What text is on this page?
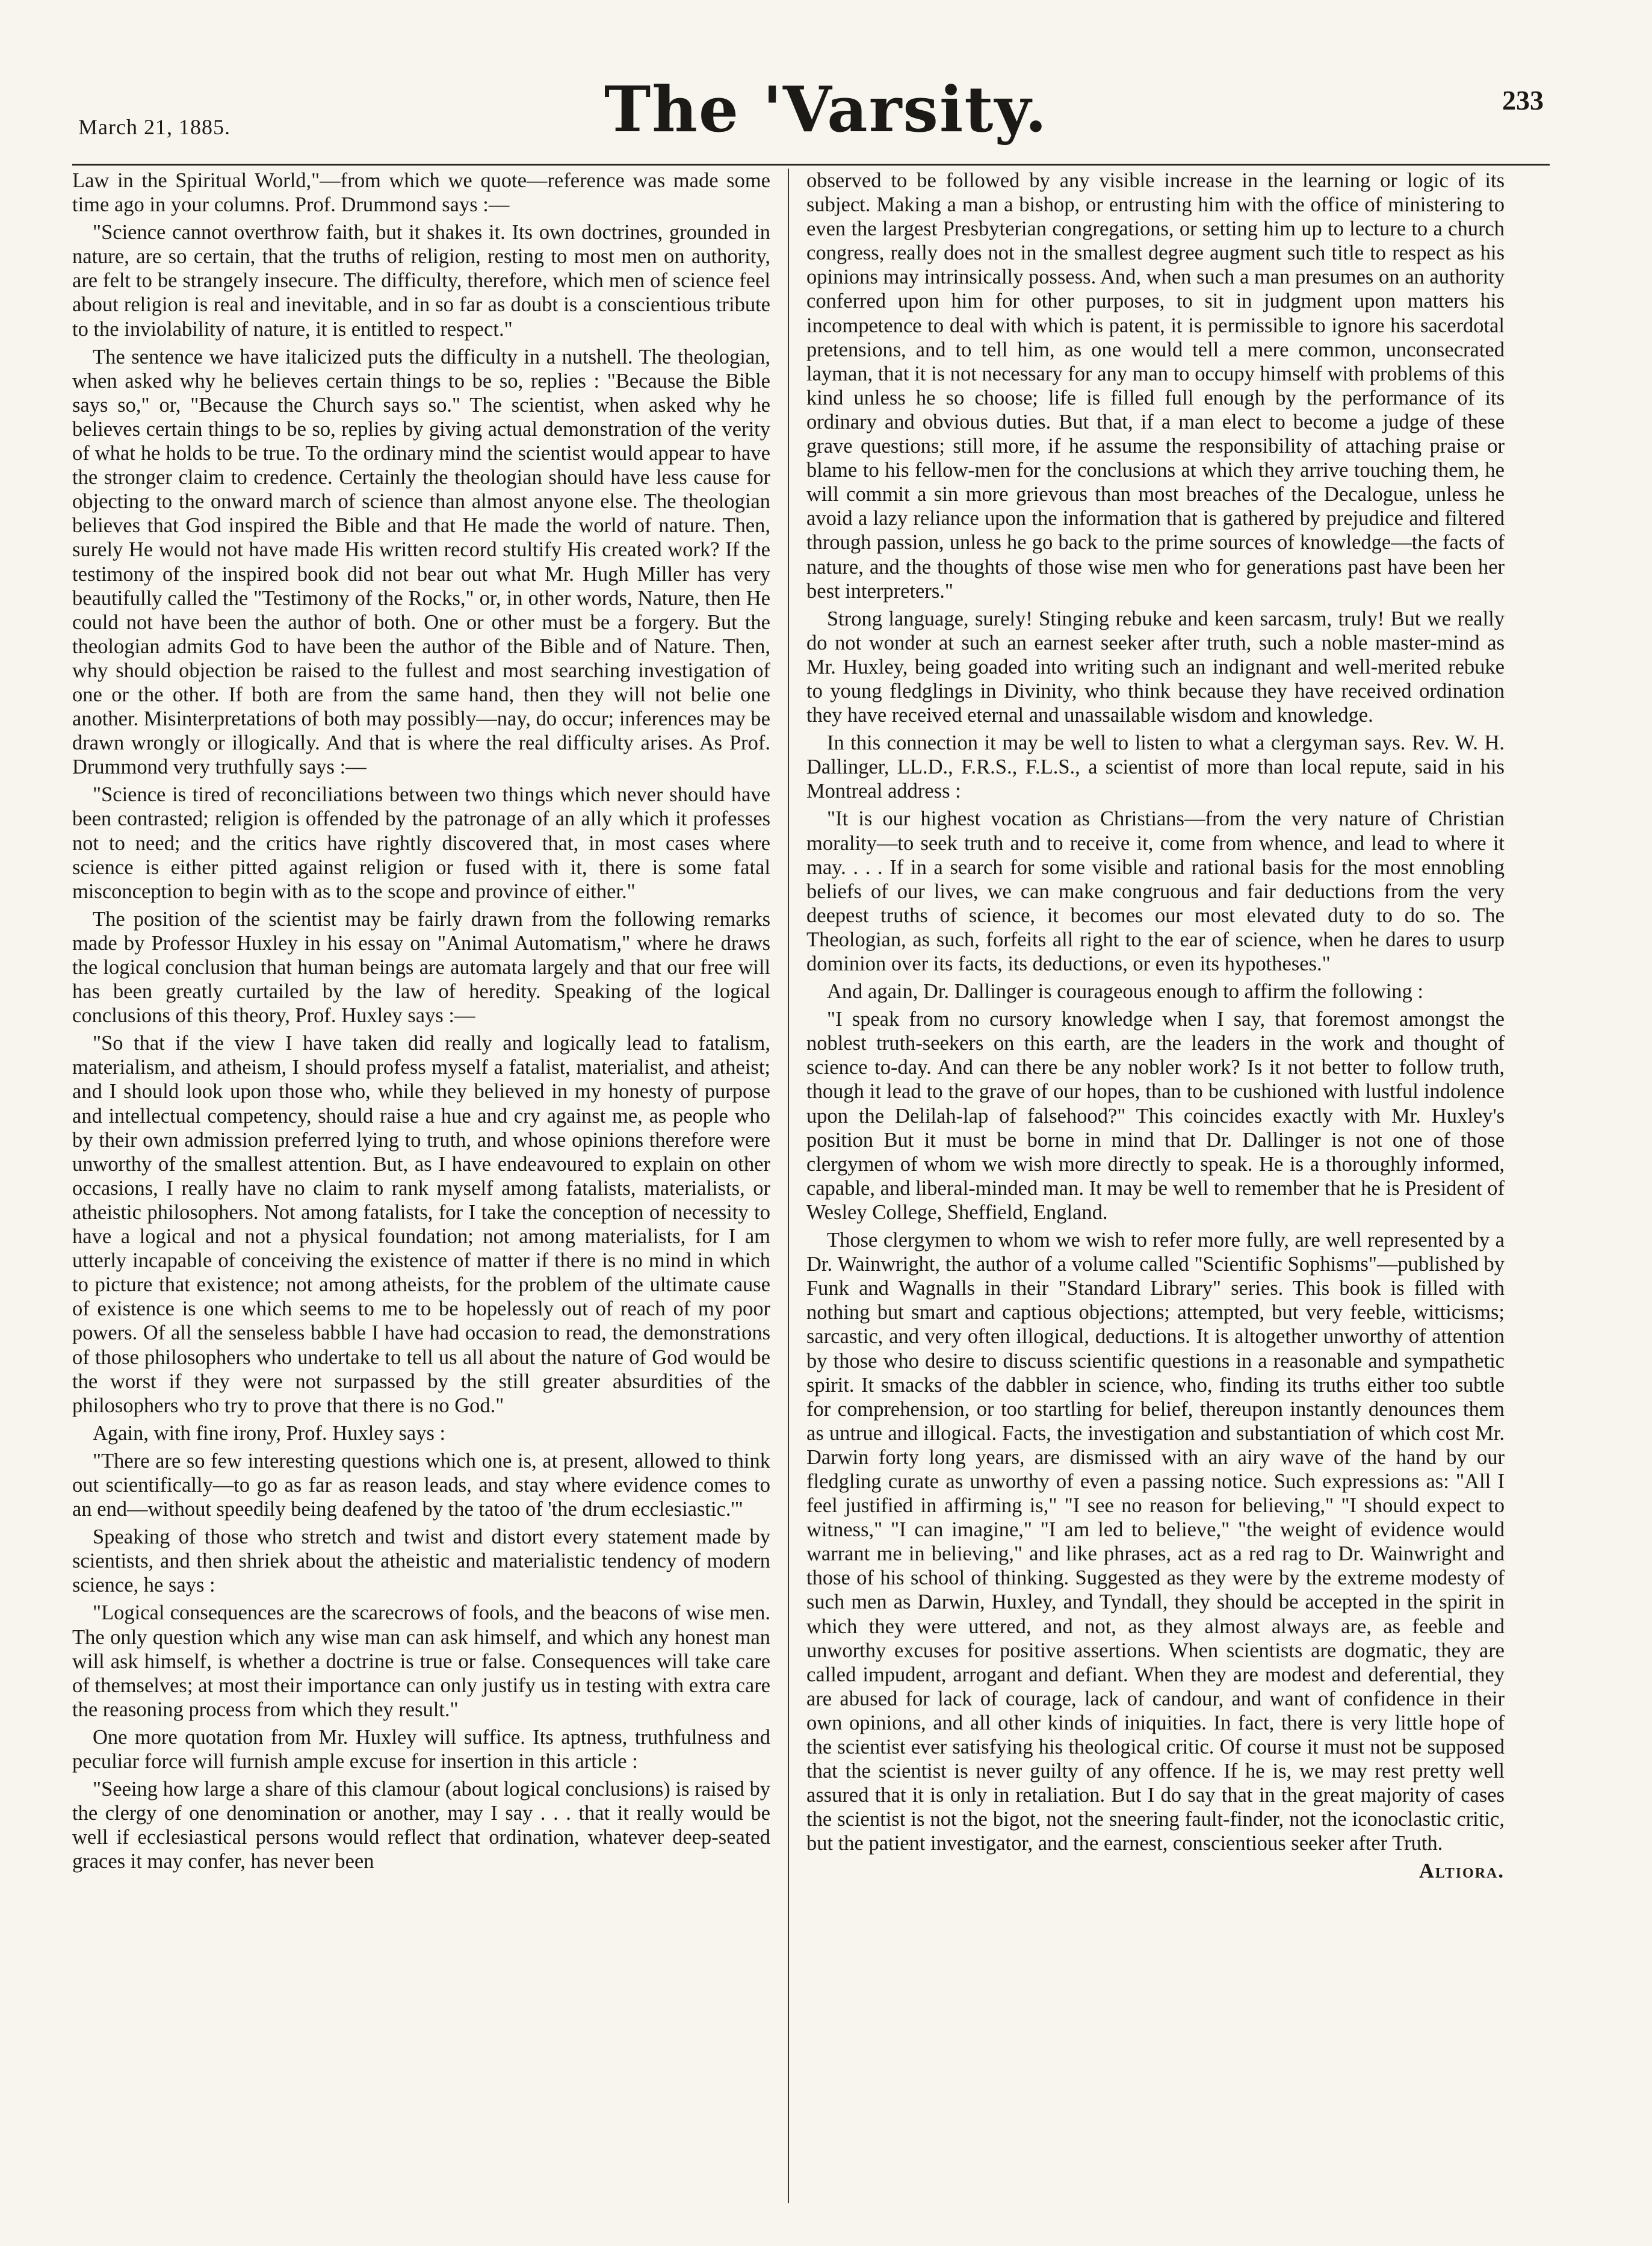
March 21, 1885.	The 'Varsity.	233

Law in the Spiritual World,"—from which we quote—reference was made some time ago in your columns. Prof. Drummond says :—

"Science cannot overthrow faith, but it shakes it. Its own doctrines, grounded in nature, are so certain, that the truths of religion, resting to most men on authority, are felt to be strangely insecure. The difficulty, therefore, which men of science feel about religion is real and inevitable, and in so far as doubt is a conscientious tribute to the inviolability of nature, it is entitled to respect."

The sentence we have italicized puts the difficulty in a nutshell. The theologian, when asked why he believes certain things to be so, replies : "Because the Bible says so," or, "Because the Church says so." The scientist, when asked why he believes certain things to be so, replies by giving actual demonstration of the verity of what he holds to be true. To the ordinary mind the scientist would appear to have the stronger claim to credence. Certainly the theologian should have less cause for objecting to the onward march of science than almost anyone else. The theologian believes that God inspired the Bible and that He made the world of nature. Then, surely He would not have made His written record stultify His created work? If the testimony of the inspired book did not bear out what Mr. Hugh Miller has very beautifully called the "Testimony of the Rocks," or, in other words, Nature, then He could not have been the author of both. One or other must be a forgery. But the theologian admits God to have been the author of the Bible and of Nature. Then, why should objection be raised to the fullest and most searching investigation of one or the other. If both are from the same hand, then they will not belie one another. Misinterpretations of both may possibly—nay, do occur; inferences may be drawn wrongly or illogically. And that is where the real difficulty arises. As Prof. Drummond very truthfully says :—

"Science is tired of reconciliations between two things which never should have been contrasted; religion is offended by the patronage of an ally which it professes not to need; and the critics have rightly discovered that, in most cases where science is either pitted against religion or fused with it, there is some fatal misconception to begin with as to the scope and province of either."

The position of the scientist may be fairly drawn from the following remarks made by Professor Huxley in his essay on "Animal Automatism," where he draws the logical conclusion that human beings are automata largely and that our free will has been greatly curtailed by the law of heredity. Speaking of the logical conclusions of this theory, Prof. Huxley says :—

"So that if the view I have taken did really and logically lead to fatalism, materialism, and atheism, I should profess myself a fatalist, materialist, and atheist; and I should look upon those who, while they believed in my honesty of purpose and intellectual competency, should raise a hue and cry against me, as people who by their own admission preferred lying to truth, and whose opinions therefore were unworthy of the smallest attention. But, as I have endeavoured to explain on other occasions, I really have no claim to rank myself among fatalists, materialists, or atheistic philosophers. Not among fatalists, for I take the conception of necessity to have a logical and not a physical foundation; not among materialists, for I am utterly incapable of conceiving the existence of matter if there is no mind in which to picture that existence; not among atheists, for the problem of the ultimate cause of existence is one which seems to me to be hopelessly out of reach of my poor powers. Of all the senseless babble I have had occasion to read, the demonstrations of those philosophers who undertake to tell us all about the nature of God would be the worst if they were not surpassed by the still greater absurdities of the philosophers who try to prove that there is no God."

Again, with fine irony, Prof. Huxley says :

"There are so few interesting questions which one is, at present, allowed to think out scientifically—to go as far as reason leads, and stay where evidence comes to an end—without speedily being deafened by the tatoo of 'the drum ecclesiastic.'"

Speaking of those who stretch and twist and distort every statement made by scientists, and then shriek about the atheistic and materialistic tendency of modern science, he says :

"Logical consequences are the scarecrows of fools, and the beacons of wise men. The only question which any wise man can ask himself, and which any honest man will ask himself, is whether a doctrine is true or false. Consequences will take care of themselves; at most their importance can only justify us in testing with extra care the reasoning process from which they result."

One more quotation from Mr. Huxley will suffice. Its aptness, truthfulness and peculiar force will furnish ample excuse for insertion in this article :

"Seeing how large a share of this clamour (about logical conclusions) is raised by the clergy of one denomination or another, may I say . . . that it really would be well if ecclesiastical persons would reflect that ordination, whatever deep-seated graces it may confer, has never been

observed to be followed by any visible increase in the learning or logic of its subject. Making a man a bishop, or entrusting him with the office of ministering to even the largest Presbyterian congregations, or setting him up to lecture to a church congress, really does not in the smallest degree augment such title to respect as his opinions may intrinsically possess. And, when such a man presumes on an authority conferred upon him for other purposes, to sit in judgment upon matters his incompetence to deal with which is patent, it is permissible to ignore his sacerdotal pretensions, and to tell him, as one would tell a mere common, unconsecrated layman, that it is not necessary for any man to occupy himself with problems of this kind unless he so choose; life is filled full enough by the performance of its ordinary and obvious duties. But that, if a man elect to become a judge of these grave questions; still more, if he assume the responsibility of attaching praise or blame to his fellow-men for the conclusions at which they arrive touching them, he will commit a sin more grievous than most breaches of the Decalogue, unless he avoid a lazy reliance upon the information that is gathered by prejudice and filtered through passion, unless he go back to the prime sources of knowledge—the facts of nature, and the thoughts of those wise men who for generations past have been her best interpreters."

Strong language, surely! Stinging rebuke and keen sarcasm, truly! But we really do not wonder at such an earnest seeker after truth, such a noble master-mind as Mr. Huxley, being goaded into writing such an indignant and well-merited rebuke to young fledglings in Divinity, who think because they have received ordination they have received eternal and unassailable wisdom and knowledge.

In this connection it may be well to listen to what a clergyman says. Rev. W. H. Dallinger, LL.D., F.R.S., F.L.S., a scientist of more than local repute, said in his Montreal address :

"It is our highest vocation as Christians—from the very nature of Christian morality—to seek truth and to receive it, come from whence, and lead to where it may. . . . If in a search for some visible and rational basis for the most ennobling beliefs of our lives, we can make congruous and fair deductions from the very deepest truths of science, it becomes our most elevated duty to do so. The Theologian, as such, forfeits all right to the ear of science, when he dares to usurp dominion over its facts, its deductions, or even its hypotheses."

And again, Dr. Dallinger is courageous enough to affirm the following :

"I speak from no cursory knowledge when I say, that foremost amongst the noblest truth-seekers on this earth, are the leaders in the work and thought of science to-day. And can there be any nobler work? Is it not better to follow truth, though it lead to the grave of our hopes, than to be cushioned with lustful indolence upon the Delilah-lap of falsehood?" This coincides exactly with Mr. Huxley's position But it must be borne in mind that Dr. Dallinger is not one of those clergymen of whom we wish more directly to speak. He is a thoroughly informed, capable, and liberal-minded man. It may be well to remember that he is President of Wesley College, Sheffield, England.

Those clergymen to whom we wish to refer more fully, are well represented by a Dr. Wainwright, the author of a volume called "Scientific Sophisms"—published by Funk and Wagnalls in their "Standard Library" series. This book is filled with nothing but smart and captious objections; attempted, but very feeble, witticisms; sarcastic, and very often illogical, deductions. It is altogether unworthy of attention by those who desire to discuss scientific questions in a reasonable and sympathetic spirit. It smacks of the dabbler in science, who, finding its truths either too subtle for comprehension, or too startling for belief, thereupon instantly denounces them as untrue and illogical. Facts, the investigation and substantiation of which cost Mr. Darwin forty long years, are dismissed with an airy wave of the hand by our fledgling curate as unworthy of even a passing notice. Such expressions as: "All I feel justified in affirming is," "I see no reason for believing," "I should expect to witness," "I can imagine," "I am led to believe," "the weight of evidence would warrant me in believing," and like phrases, act as a red rag to Dr. Wainwright and those of his school of thinking. Suggested as they were by the extreme modesty of such men as Darwin, Huxley, and Tyndall, they should be accepted in the spirit in which they were uttered, and not, as they almost always are, as feeble and unworthy excuses for positive assertions. When scientists are dogmatic, they are called impudent, arrogant and defiant. When they are modest and deferential, they are abused for lack of courage, lack of candour, and want of confidence in their own opinions, and all other kinds of iniquities. In fact, there is very little hope of the scientist ever satisfying his theological critic. Of course it must not be supposed that the scientist is never guilty of any offence. If he is, we may rest pretty well assured that it is only in retaliation. But I do say that in the great majority of cases the scientist is not the bigot, not the sneering fault-finder, not the iconoclastic critic, but the patient investigator, and the earnest, conscientious seeker after Truth.

Altiora.
